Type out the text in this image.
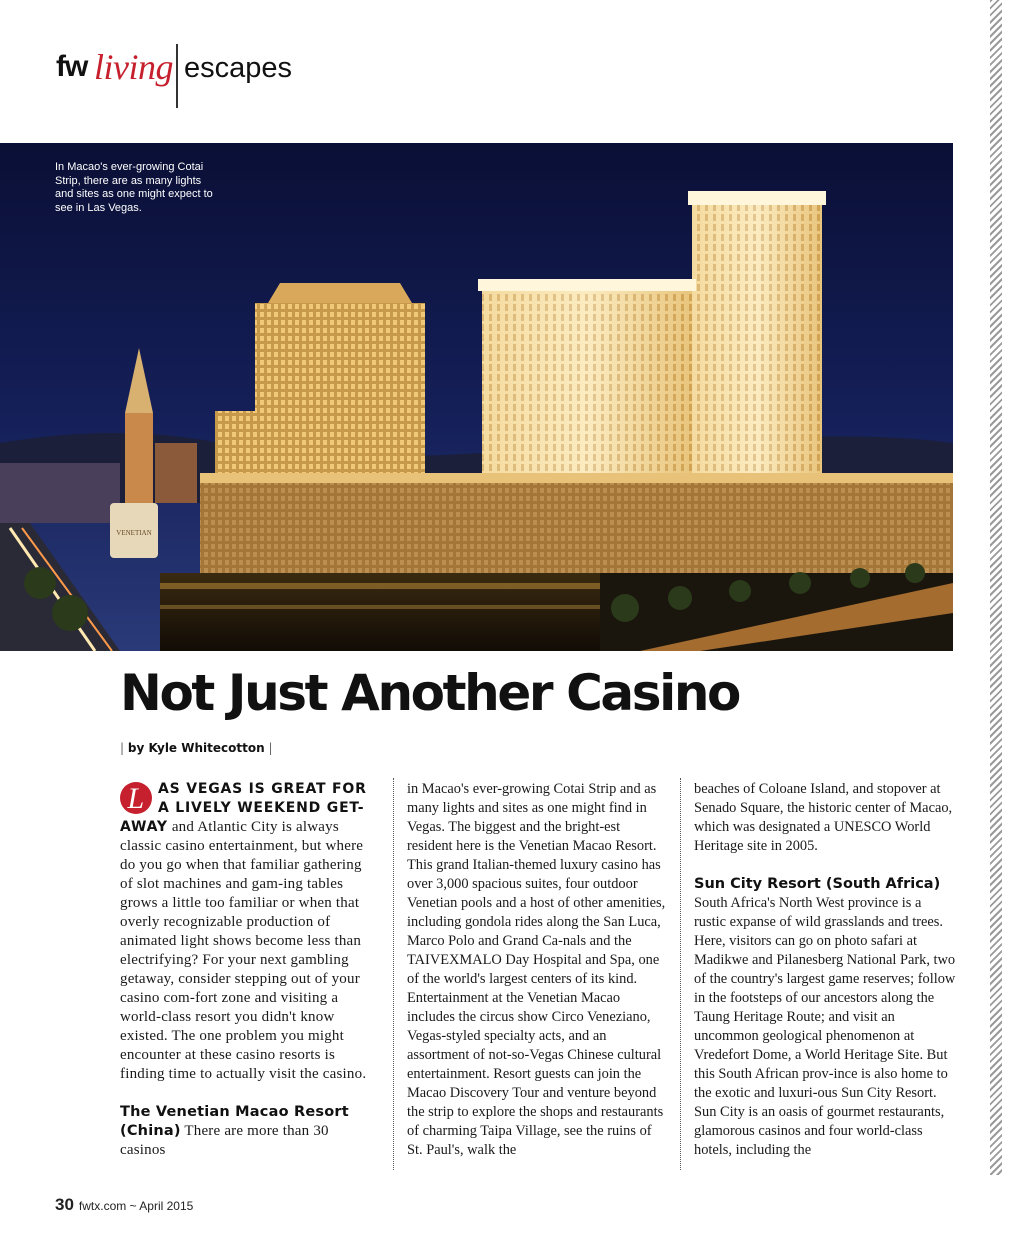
fw living escapes
VENETIAN
In Macao's ever-growing Cotai Strip, there are as many lights and sites as one might expect to see in Las Vegas.
Not Just Another Casino
| by Kyle Whitecotton |

L AS VEGAS IS GREAT FOR A LIVELY WEEKEND GET-AWAY and Atlantic City is always classic casino entertainment, but where do you go when that familiar gathering of slot machines and gam-ing tables grows a little too familiar or when that overly recognizable production of animated light shows become less than electrifying? For your next gambling getaway, consider stepping out of your casino com-fort zone and visiting a world-class resort you didn't know existed. The one problem you might encounter at these casino resorts is finding time to actually visit the casino.

The Venetian Macao Resort (China) There are more than 30 casinos

in Macao's ever-growing Cotai Strip and as many lights and sites as one might find in Vegas. The biggest and the bright-est resident here is the Venetian Macao Resort. This grand Italian-themed luxury casino has over 3,000 spacious suites, four outdoor Venetian pools and a host of other amenities, including gondola rides along the San Luca, Marco Polo and Grand Ca-nals and the TAIVEXMALO Day Hospital and Spa, one of the world's largest centers of its kind. Entertainment at the Venetian Macao includes the circus show Circo Veneziano, Vegas-styled specialty acts, and an assortment of not-so-Vegas Chinese cultural entertainment. Resort guests can join the Macao Discovery Tour and venture beyond the strip to explore the shops and restaurants of charming Taipa Village, see the ruins of St. Paul's, walk the

beaches of Coloane Island, and stopover at Senado Square, the historic center of Macao, which was designated a UNESCO World Heritage site in 2005.

Sun City Resort (South Africa)

South Africa's North West province is a rustic expanse of wild grasslands and trees. Here, visitors can go on photo safari at Madikwe and Pilanesberg National Park, two of the country's largest game reserves; follow in the footsteps of our ancestors along the Taung Heritage Route; and visit an uncommon geological phenomenon at Vredefort Dome, a World Heritage Site. But this South African prov-ince is also home to the exotic and luxuri-ous Sun City Resort. Sun City is an oasis of gourmet restaurants, glamorous casinos and four world-class hotels, including the

30 fwtx.com ~ April 2015
